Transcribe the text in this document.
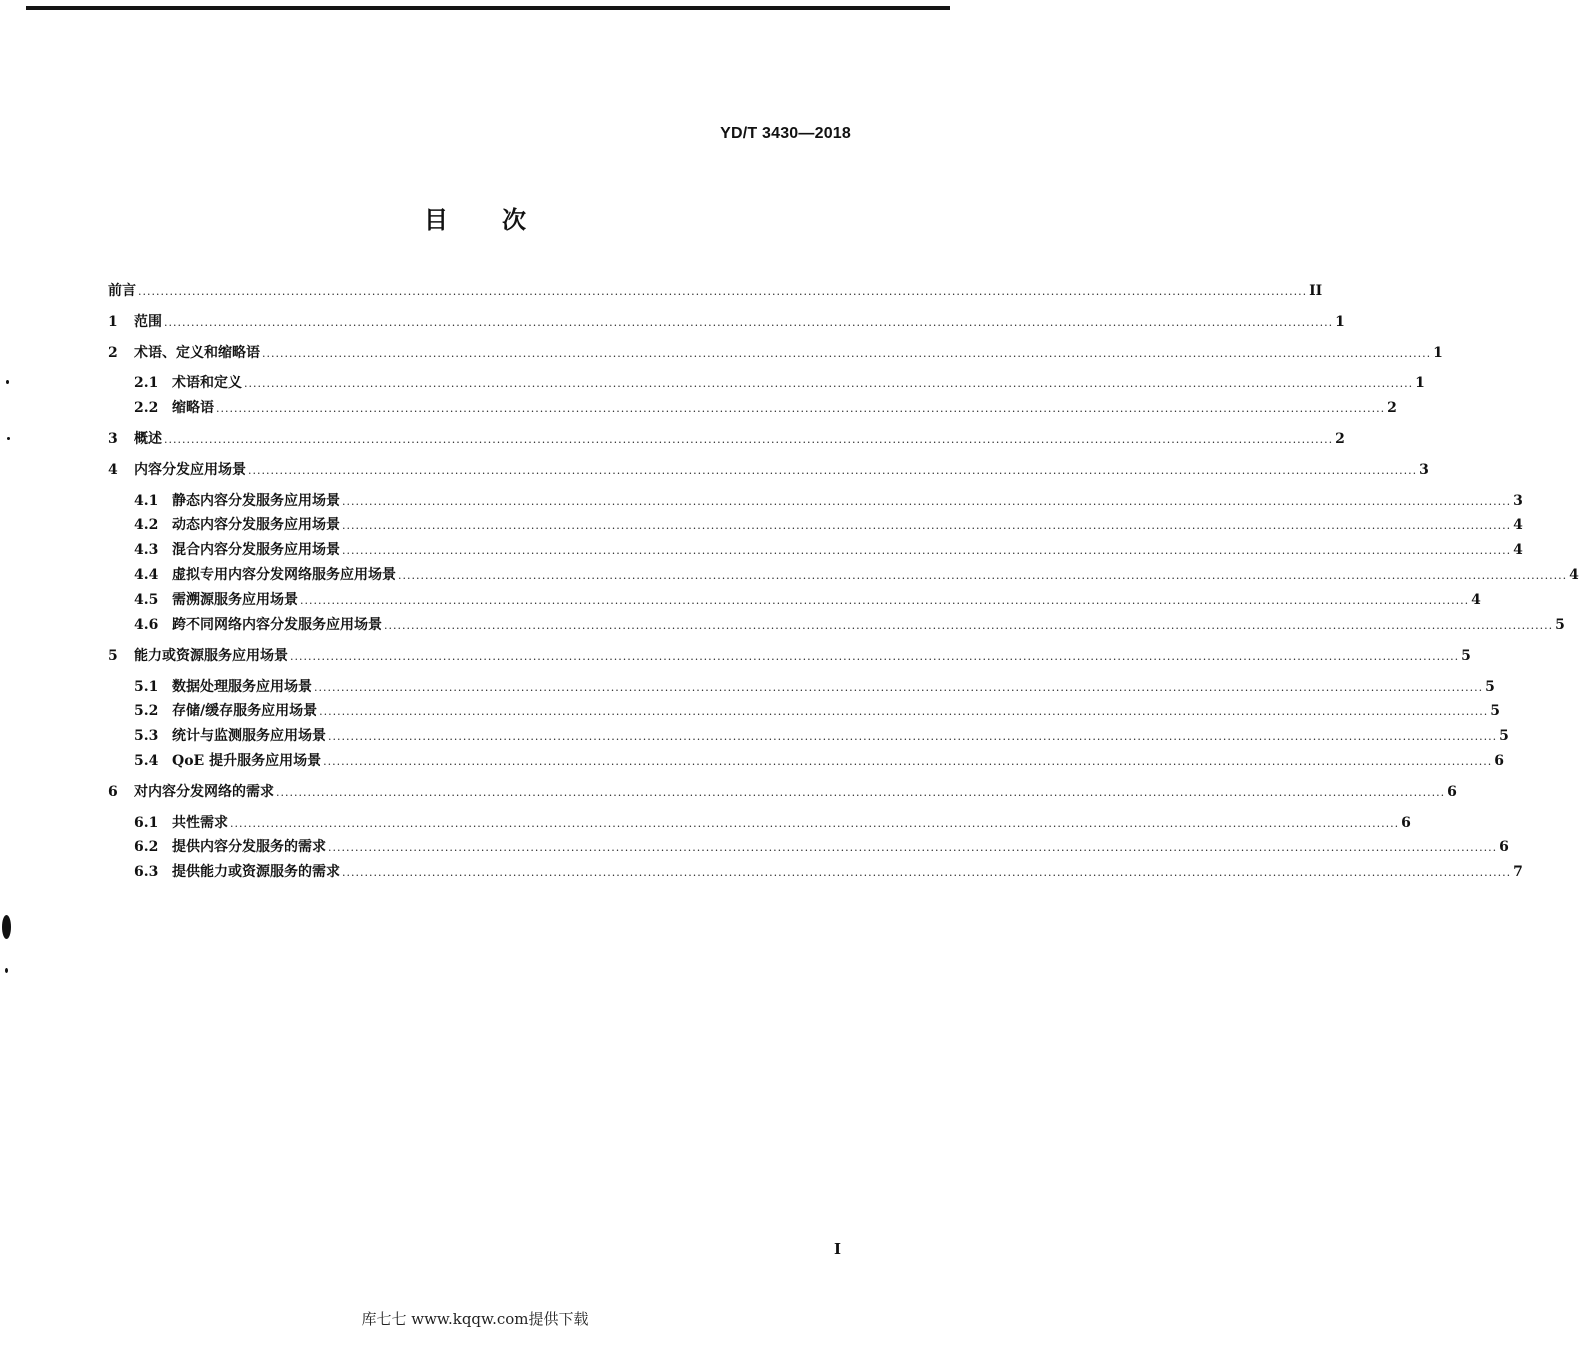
YD/T 3430—2018
目 次
前言 .................................................................................................................................................................................................................................................................... II
1	范围 .................................................................................................................................................................................................................................................................... 1
2	术语、定义和缩略语 .................................................................................................................................................................................................................................................................... 1
2.1 术语和定义 .................................................................................................................................................................................................................................................................... 1
2.2 缩略语 .................................................................................................................................................................................................................................................................... 2
3	概述 .................................................................................................................................................................................................................................................................... 2
4	内容分发应用场景 .................................................................................................................................................................................................................................................................... 3
4.1 静态内容分发服务应用场景 .................................................................................................................................................................................................................................................................... 3
4.2 动态内容分发服务应用场景 .................................................................................................................................................................................................................................................................... 4
4.3 混合内容分发服务应用场景 .................................................................................................................................................................................................................................................................... 4
4.4 虚拟专用内容分发网络服务应用场景 .................................................................................................................................................................................................................................................................... 4
4.5 需溯源服务应用场景 .................................................................................................................................................................................................................................................................... 4
4.6 跨不同网络内容分发服务应用场景 .................................................................................................................................................................................................................................................................... 5
5	能力或资源服务应用场景 .................................................................................................................................................................................................................................................................... 5
5.1 数据处理服务应用场景 .................................................................................................................................................................................................................................................................... 5
5.2 存储/缓存服务应用场景 .................................................................................................................................................................................................................................................................... 5
5.3 统计与监测服务应用场景 .................................................................................................................................................................................................................................................................... 5
5.4 QoE 提升服务应用场景 .................................................................................................................................................................................................................................................................... 6
6	对内容分发网络的需求 .................................................................................................................................................................................................................................................................... 6
6.1 共性需求 .................................................................................................................................................................................................................................................................... 6
6.2 提供内容分发服务的需求 .................................................................................................................................................................................................................................................................... 6
6.3 提供能力或资源服务的需求 .................................................................................................................................................................................................................................................................... 7
I
库七七 www.kqqw.com提供下载
